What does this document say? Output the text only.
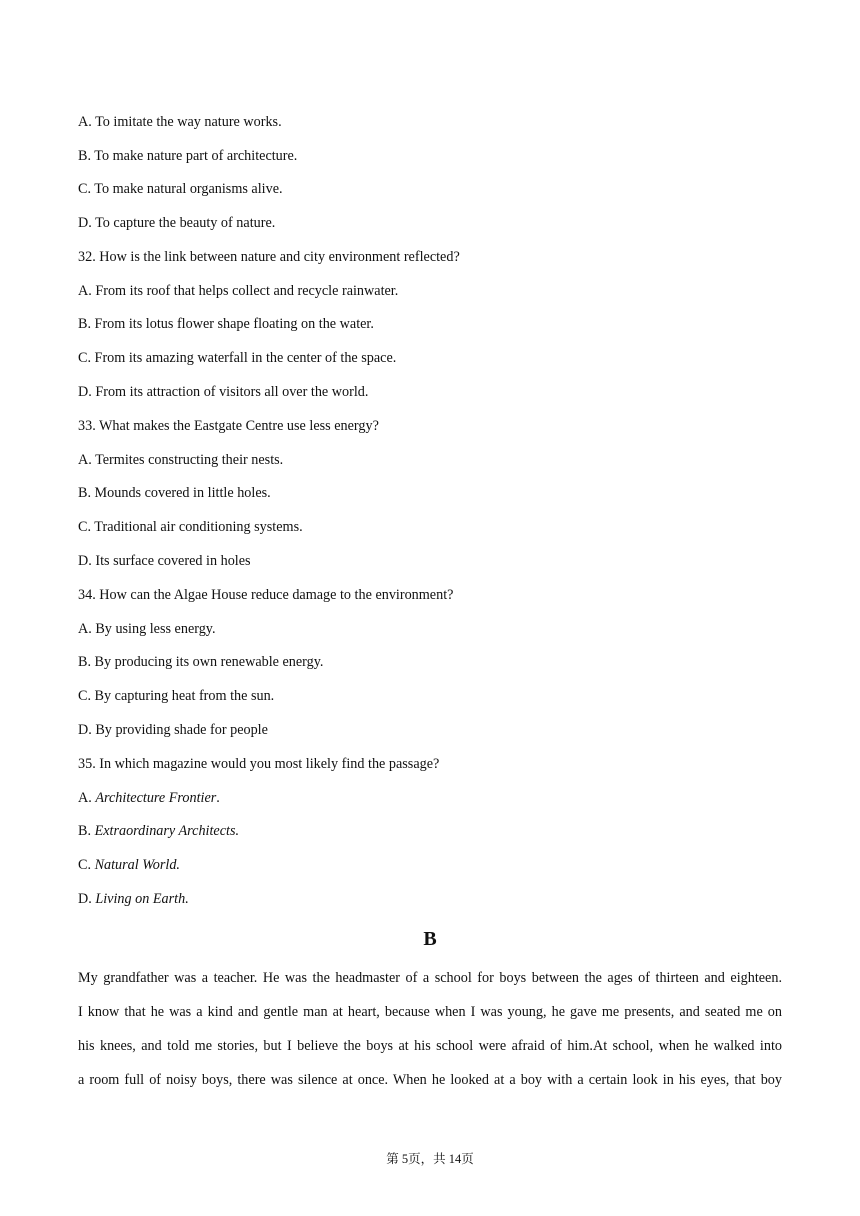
A. To imitate the way nature works.
B. To make nature part of architecture.
C. To make natural organisms alive.
D. To capture the beauty of nature.
32. How is the link between nature and city environment reflected?
A. From its roof that helps collect and recycle rainwater.
B. From its lotus flower shape floating on the water.
C. From its amazing waterfall in the center of the space.
D. From its attraction of visitors all over the world.
33. What makes the Eastgate Centre use less energy?
A. Termites constructing their nests.
B. Mounds covered in little holes.
C. Traditional air conditioning systems.
D. Its surface covered in holes
34. How can the Algae House reduce damage to the environment?
A. By using less energy.
B. By producing its own renewable energy.
C. By capturing heat from the sun.
D. By providing shade for people
35. In which magazine would you most likely find the passage?
A. Architecture Frontier.
B. Extraordinary Architects.
C. Natural World.
D. Living on Earth.
B
My grandfather was a teacher. He was the headmaster of a school for boys between the ages of thirteen and eighteen.
I know that he was a kind and gentle man at heart, because when I was young, he gave me presents, and seated me on
his knees, and told me stories, but I believe the boys at his school were afraid of him.At school, when he walked into
a room full of noisy boys, there was silence at once. When he looked at a boy with a certain look in his eyes, that boy
第 5页，共 14页
